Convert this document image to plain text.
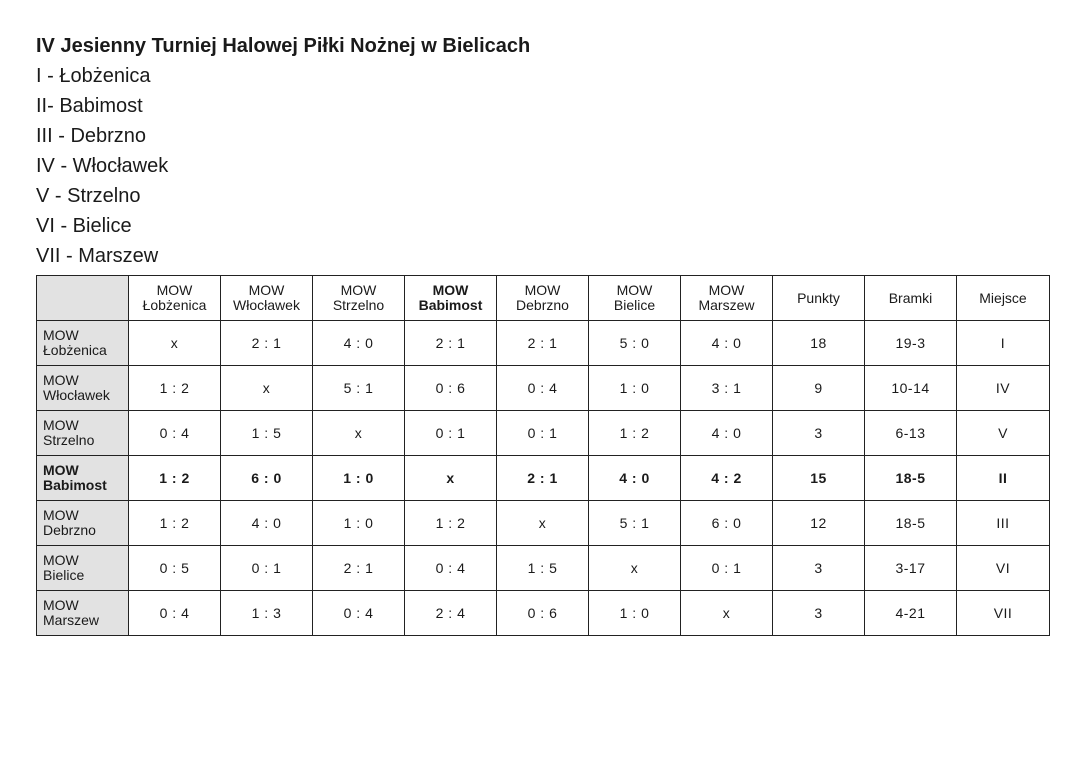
IV Jesienny Turniej Halowej Piłki Nożnej w Bielicach
I - Łobżenica
II- Babimost
III - Debrzno
IV - Włocławek
V - Strzelno
VI - Bielice
VII - Marszew

	MOW
Łobżenica	MOW
Włocławek	MOW
Strzelno	MOW
Babimost	MOW
Debrzno	MOW
Bielice	MOW
Marszew	Punkty	Bramki	Miejsce

MOW
Łobżenica	x	2 : 1	4 : 0	2 : 1	2 : 1	5 : 0	4 : 0	18	19-3	I

MOW
Włocławek	1 : 2	x	5 : 1	0 : 6	0 : 4	1 : 0	3 : 1	9	10-14	IV

MOW
Strzelno	0 : 4	1 : 5	x	0 : 1	0 : 1	1 : 2	4 : 0	3	6-13	V

MOW
Babimost	1 : 2	6 : 0	1 : 0	x	2 : 1	4 : 0	4 : 2	15	18-5	II

MOW
Debrzno	1 : 2	4 : 0	1 : 0	1 : 2	x	5 : 1	6 : 0	12	18-5	III

MOW
Bielice	0 : 5	0 : 1	2 : 1	0 : 4	1 : 5	x	0 : 1	3	3-17	VI

MOW
Marszew	0 : 4	1 : 3	0 : 4	2 : 4	0 : 6	1 : 0	x	3	4-21	VII
